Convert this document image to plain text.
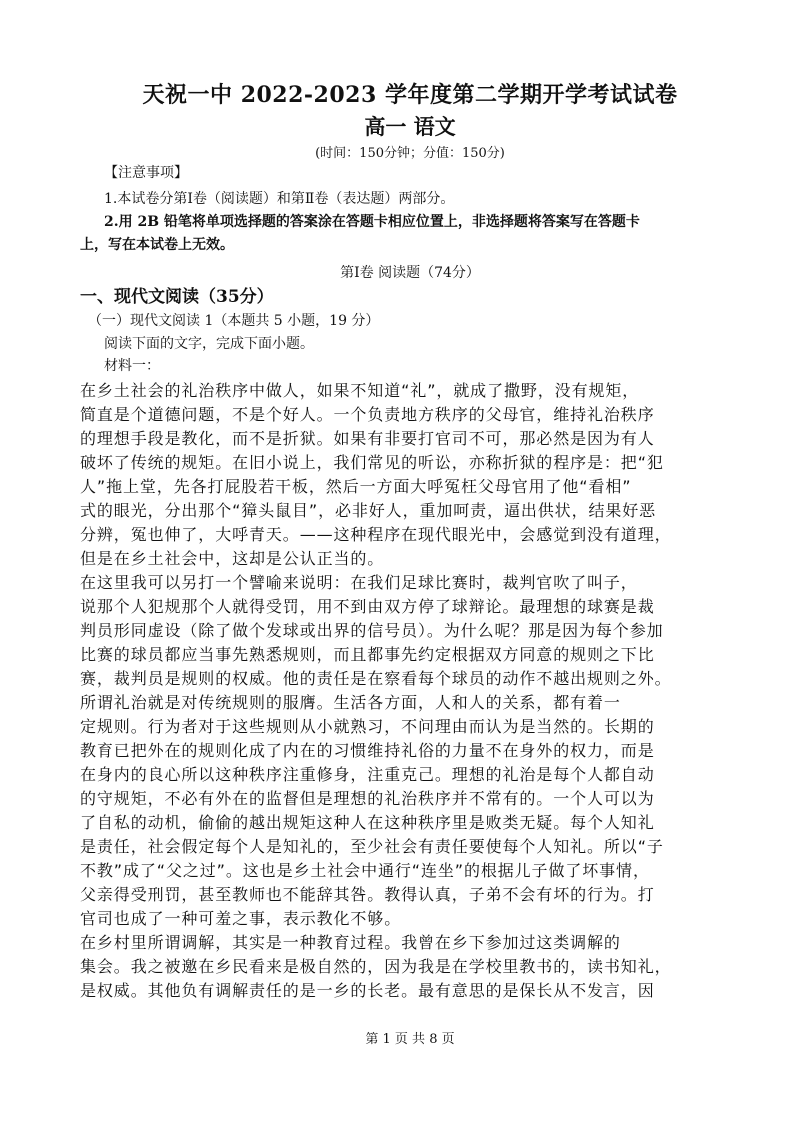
天祝一中 2022-2023 学年度第二学期开学考试试卷
高一 语文
(时间：150分钟；分值：150分)
【注意事项】
1.本试卷分第Ⅰ卷（阅读题）和第Ⅱ卷（表达题）两部分。
2.用 2B 铅笔将单项选择题的答案涂在答题卡相应位置上，非选择题将答案写在答题卡
上，写在本试卷上无效。
第Ⅰ卷 阅读题（74分）
一、现代文阅读（35分）
（一）现代文阅读 1（本题共 5 小题，19 分）
阅读下面的文字，完成下面小题。
材料一：
在乡土社会的礼治秩序中做人，如果不知道“礼”，就成了撒野，没有规矩，
简直是个道德问题，不是个好人。一个负责地方秩序的父母官，维持礼治秩序
的理想手段是教化，而不是折狱。如果有非要打官司不可，那必然是因为有人
破坏了传统的规矩。在旧小说上，我们常见的听讼，亦称折狱的程序是：把“犯
人”拖上堂，先各打屁股若干板，然后一方面大呼冤枉父母官用了他“看相”
式的眼光，分出那个“獐头鼠目”，必非好人，重加呵责，逼出供状，结果好恶
分辨，冤也伸了，大呼青天。——这种程序在现代眼光中，会感觉到没有道理，
但是在乡土社会中，这却是公认正当的。
在这里我可以另打一个譬喻来说明：在我们足球比赛时，裁判官吹了叫子，
说那个人犯规那个人就得受罚，用不到由双方停了球辩论。最理想的球赛是裁
判员形同虚设（除了做个发球或出界的信号员）。为什么呢？那是因为每个参加
比赛的球员都应当事先熟悉规则，而且都事先约定根据双方同意的规则之下比
赛，裁判员是规则的权威。他的责任是在察看每个球员的动作不越出规则之外。
所谓礼治就是对传统规则的服膺。生活各方面，人和人的关系，都有着一
定规则。行为者对于这些规则从小就熟习，不问理由而认为是当然的。长期的
教育已把外在的规则化成了内在的习惯维持礼俗的力量不在身外的权力，而是
在身内的良心所以这种秩序注重修身，注重克己。理想的礼治是每个人都自动
的守规矩，不必有外在的监督但是理想的礼治秩序并不常有的。一个人可以为
了自私的动机，偷偷的越出规矩这种人在这种秩序里是败类无疑。每个人知礼
是责任，社会假定每个人是知礼的，至少社会有责任要使每个人知礼。所以“子
不教”成了“父之过”。这也是乡土社会中通行“连坐”的根据儿子做了坏事情，
父亲得受刑罚，甚至教师也不能辞其咎。教得认真，子弟不会有坏的行为。打
官司也成了一种可羞之事，表示教化不够。
在乡村里所谓调解，其实是一种教育过程。我曾在乡下参加过这类调解的
集会。我之被邀在乡民看来是极自然的，因为我是在学校里教书的，读书知礼，
是权威。其他负有调解责任的是一乡的长老。最有意思的是保长从不发言，因
第 1 页 共 8 页
